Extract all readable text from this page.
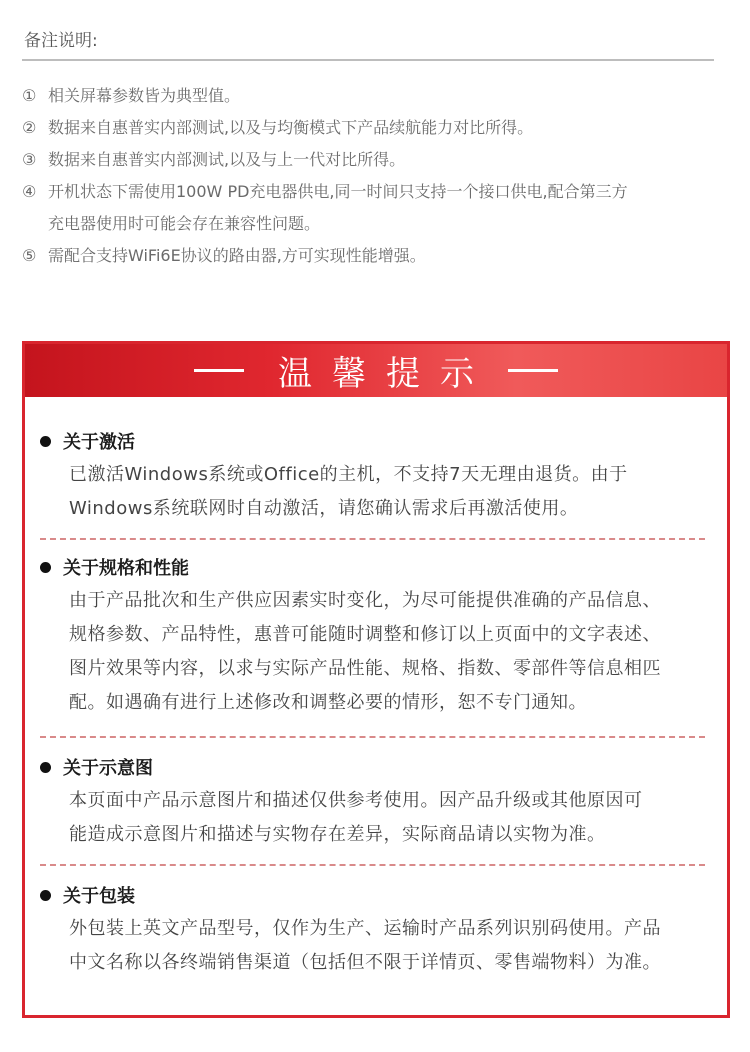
备注说明:
① 相关屏幕参数皆为典型值。
② 数据来自惠普实内部测试,以及与均衡模式下产品续航能力对比所得。
③ 数据来自惠普实内部测试,以及与上一代对比所得。
④ 开机状态下需使用100W PD充电器供电,同一时间只支持一个接口供电,配合第三方
充电器使用时可能会存在兼容性问题。
⑤ 需配合支持WiFi6E协议的路由器,方可实现性能增强。
温馨提示
关于激活
已激活Windows系统或Office的主机，不支持7天无理由退货。由于
Windows系统联网时自动激活，请您确认需求后再激活使用。
关于规格和性能
由于产品批次和生产供应因素实时变化，为尽可能提供准确的产品信息、
规格参数、产品特性，惠普可能随时调整和修订以上页面中的文字表述、
图片效果等内容，以求与实际产品性能、规格、指数、零部件等信息相匹
配。如遇确有进行上述修改和调整必要的情形，恕不专门通知。
关于示意图
本页面中产品示意图片和描述仅供参考使用。因产品升级或其他原因可
能造成示意图片和描述与实物存在差异，实际商品请以实物为准。
关于包装
外包装上英文产品型号，仅作为生产、运输时产品系列识别码使用。产品
中文名称以各终端销售渠道（包括但不限于详情页、零售端物料）为准。
